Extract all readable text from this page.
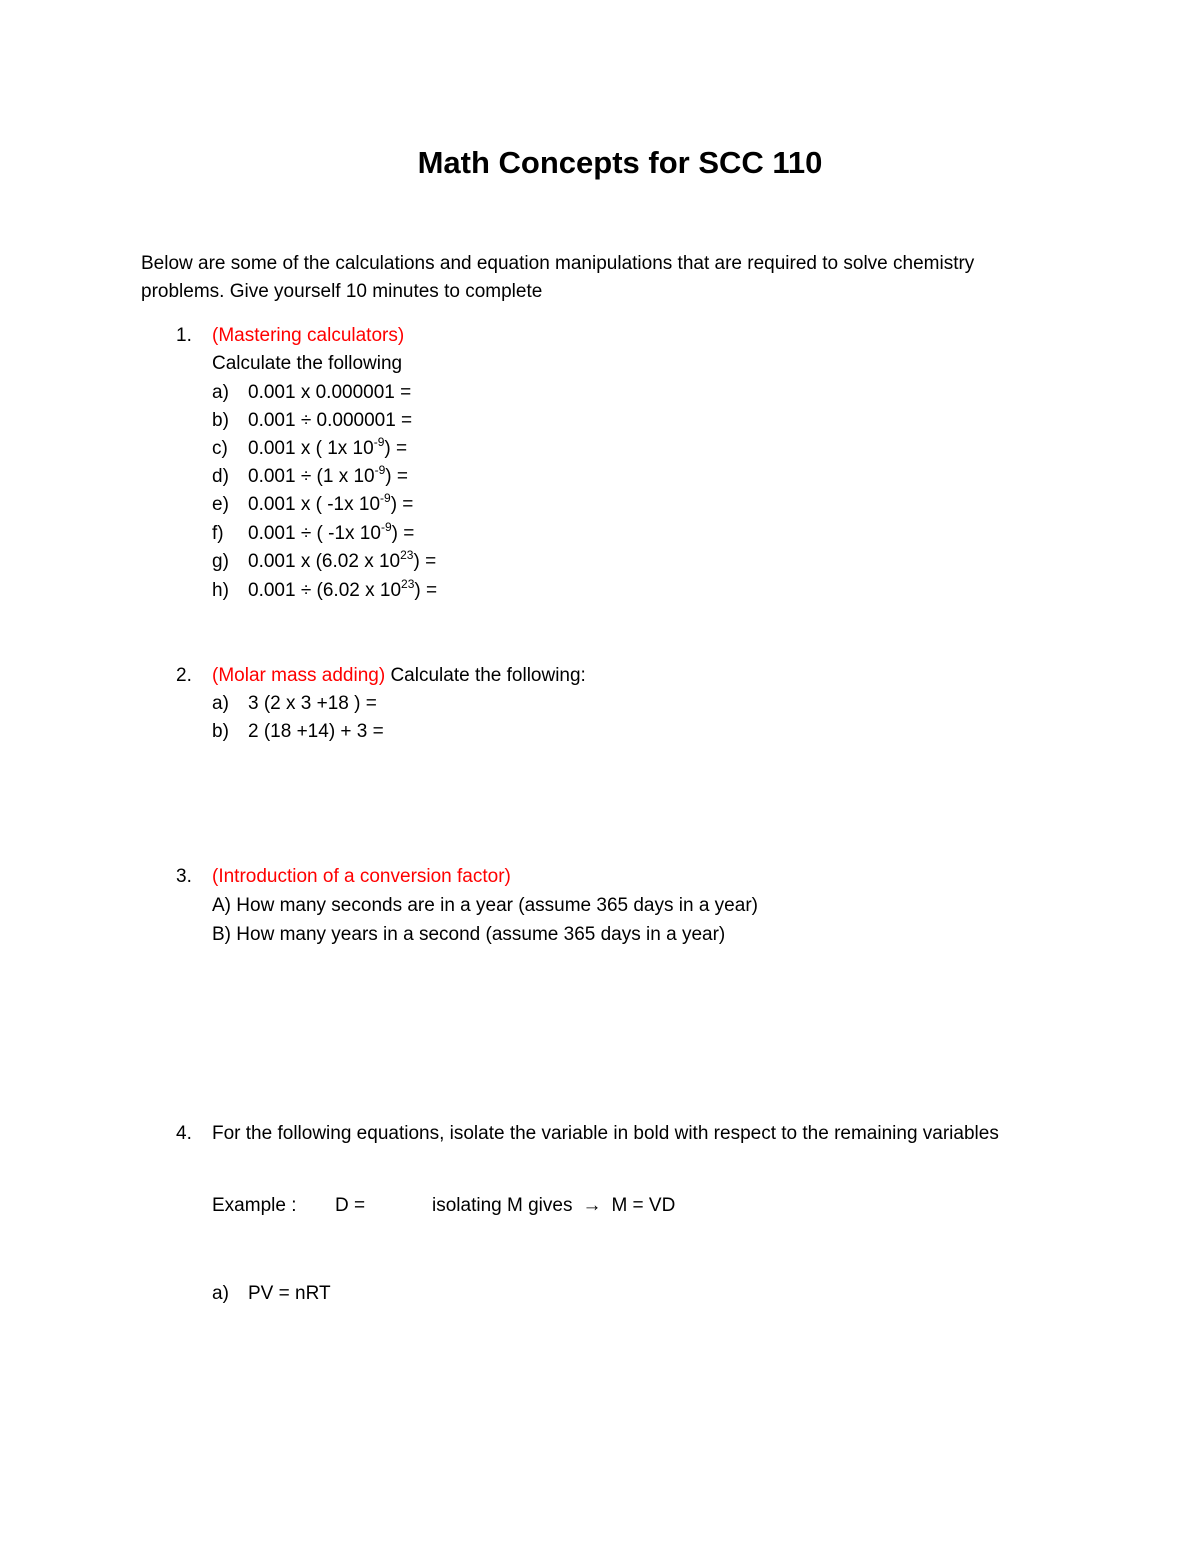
Math Concepts for SCC 110
Below are some of the calculations and equation manipulations that are required to solve chemistry
problems. Give yourself 10 minutes to complete
1. (Mastering calculators)
Calculate the following
a) 0.001 x 0.000001 =
b) 0.001 ÷ 0.000001 =
c) 0.001 x ( 1x $10^{-9}$) =
d) 0.001 ÷ (1 x $10^{-9}$) =
e) 0.001 x ( -1x $10^{-9}$) =
f) 0.001 ÷ ( -1x $10^{-9}$) =
g) 0.001 x (6.02 x $10^{23}$) =
h) 0.001 ÷ (6.02 x $10^{23}$) =
2. (Molar mass adding) Calculate the following:
a) 3 (2 x 3 +18 ) =
b) 2 (18 +14) + 3 =
3. (Introduction of a conversion factor)
A) How many seconds are in a year (assume 365 days in a year)
B) How many years in a second (assume 365 days in a year)
4. For the following equations, isolate the variable in bold with respect to the remaining variables
Example : D =	isolating M gives → M = VD
a) PV = nRT
